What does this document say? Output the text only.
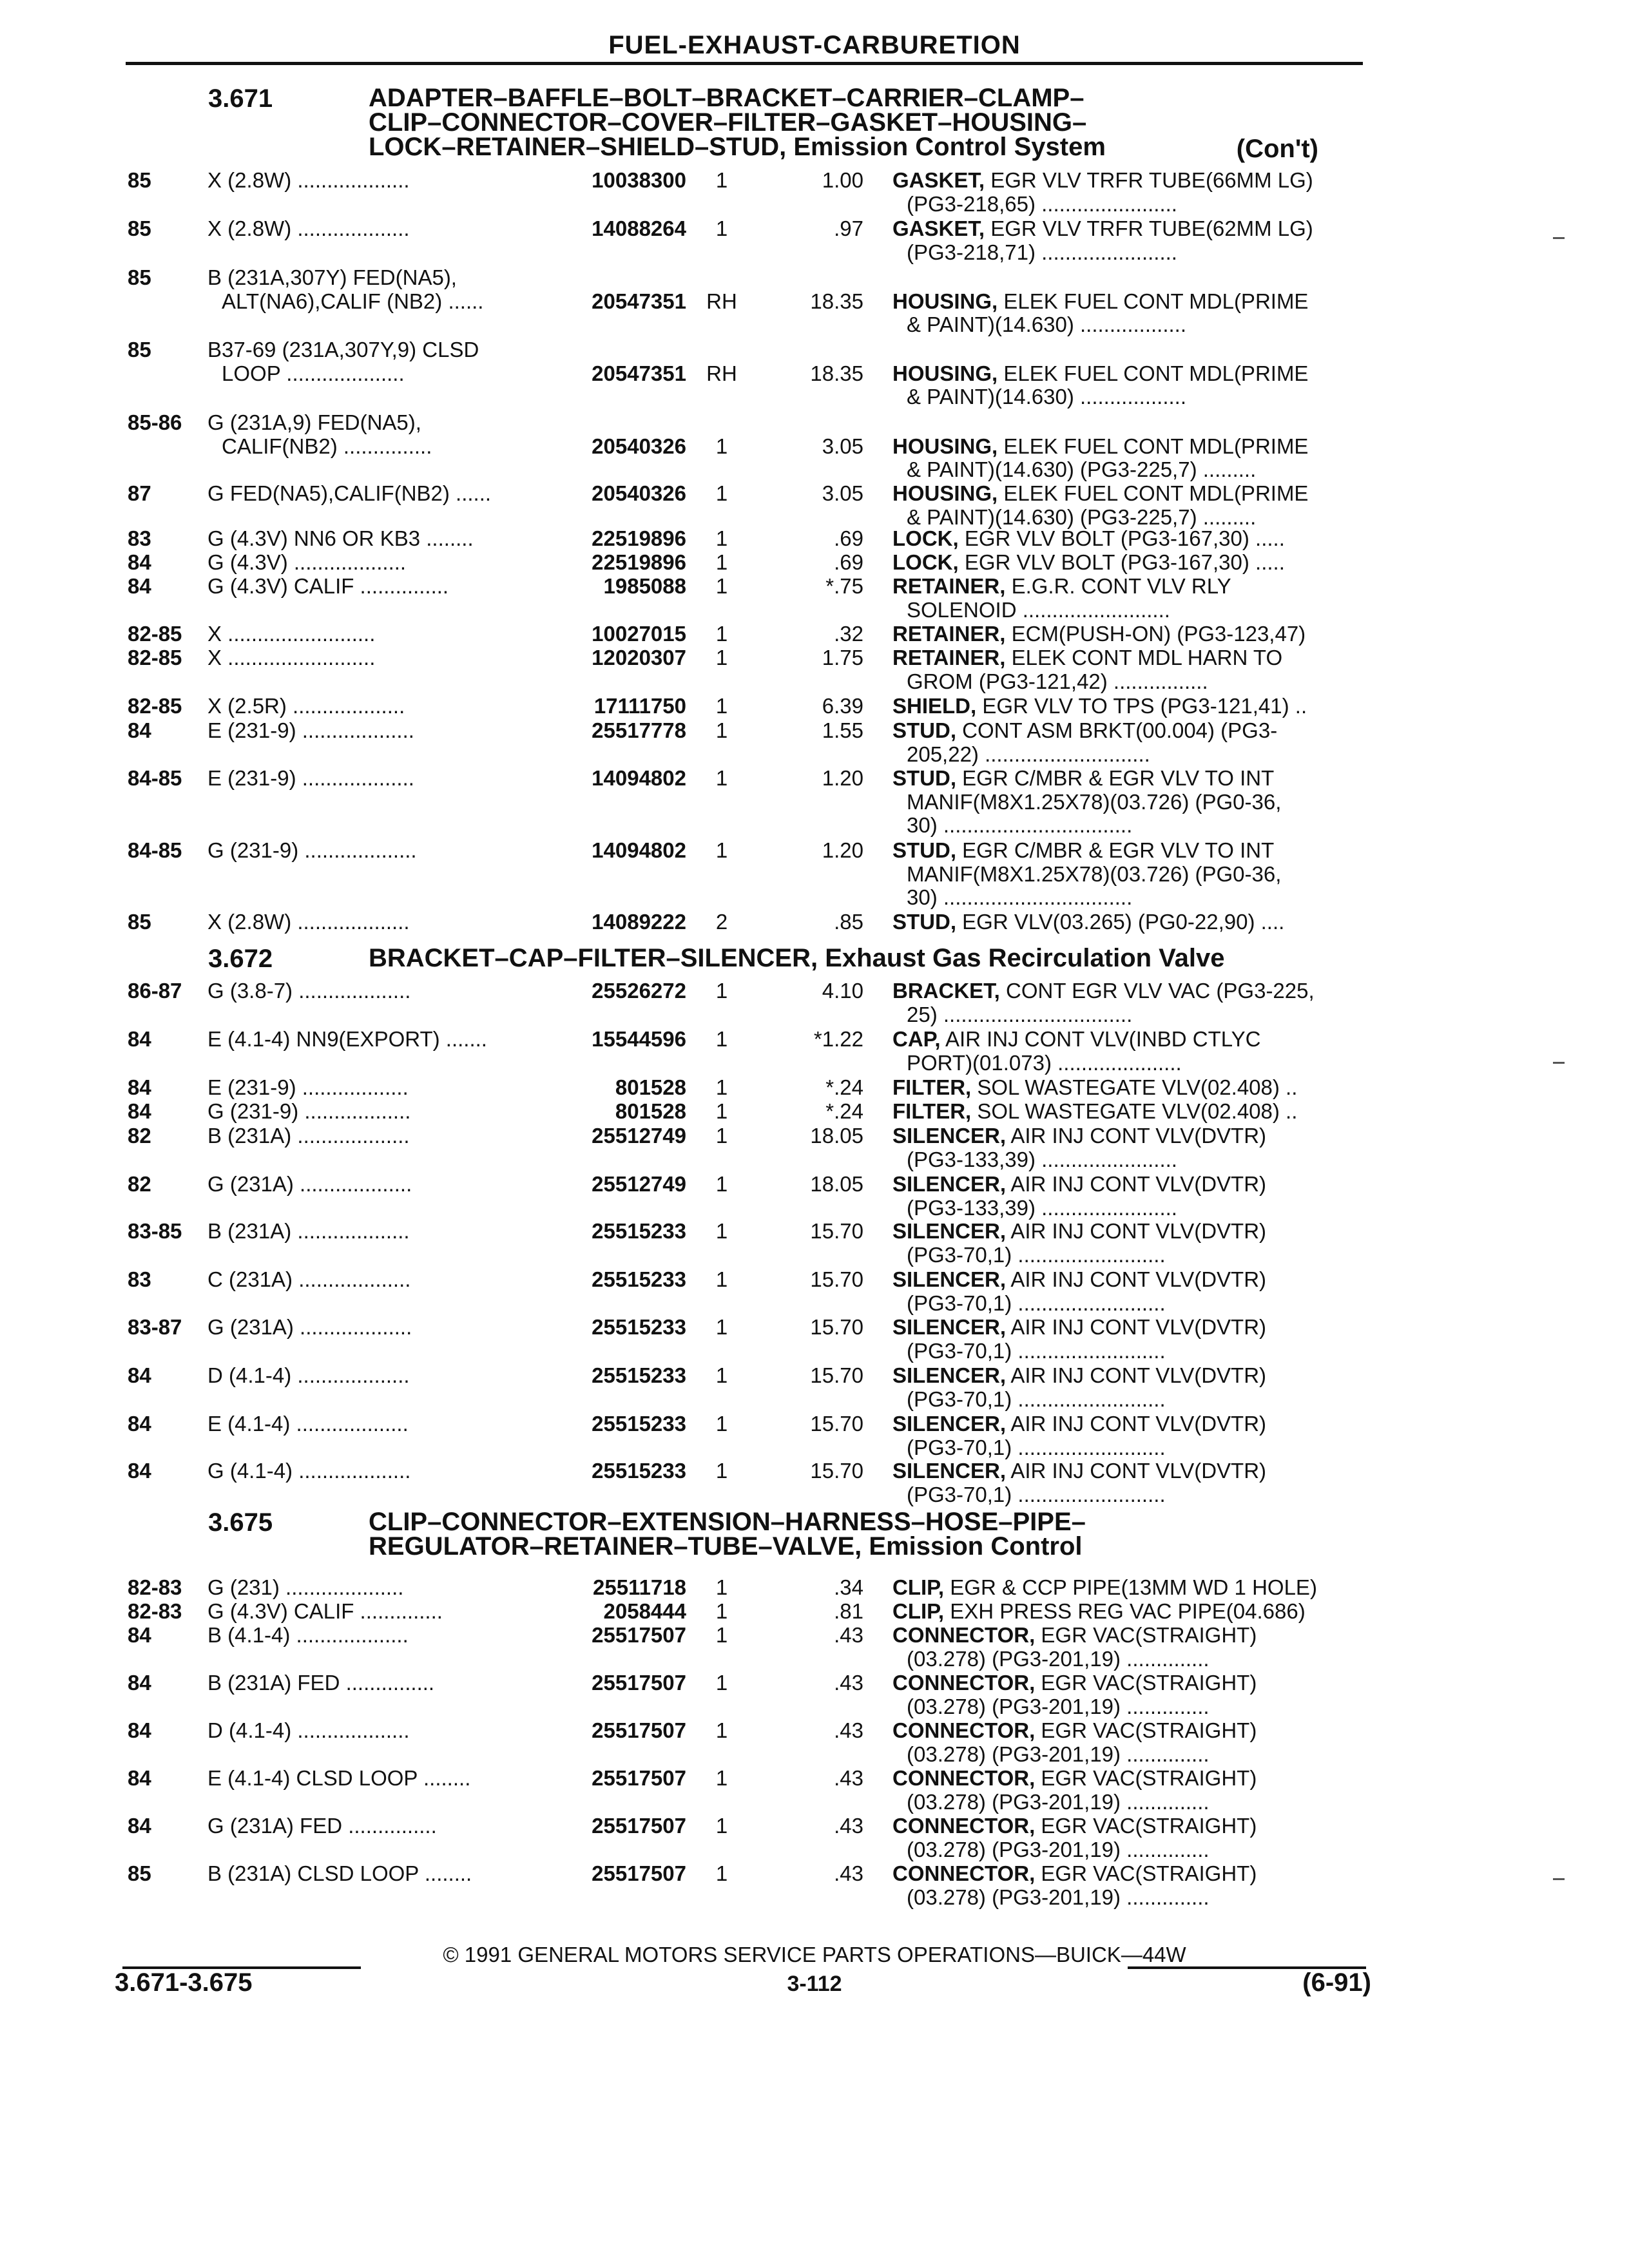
FUEL-EXHAUST-CARBURETION
3.671	ADAPTER–BAFFLE–BOLT–BRACKET–CARRIER–CLAMP–
CLIP–CONNECTOR–COVER–FILTER–GASKET–HOUSING–
LOCK–RETAINER–SHIELD–STUD, Emission Control System	(Con't)
85	X (2.8W) ...................	10038300	1	1.00 GASKET, EGR VLV TRFR TUBE(66MM LG)
(PG3-218,65) .......................
85	X (2.8W) ...................	14088264	1	.97 GASKET, EGR VLV TRFR TUBE(62MM LG)
(PG3-218,71) .......................
85	B (231A,307Y) FED(NA5),
ALT(NA6),CALIF (NB2) ......	20547351 RH	18.35 HOUSING, ELEK FUEL CONT MDL(PRIME
& PAINT)(14.630) ..................
85	B37-69 (231A,307Y,9) CLSD
LOOP ....................	20547351 RH	18.35 HOUSING, ELEK FUEL CONT MDL(PRIME
& PAINT)(14.630) ..................
85-86 G (231A,9) FED(NA5),
CALIF(NB2) ...............	20540326	1	3.05 HOUSING, ELEK FUEL CONT MDL(PRIME
& PAINT)(14.630) (PG3-225,7) .........
87	G FED(NA5),CALIF(NB2) ......	20540326	1	3.05 HOUSING, ELEK FUEL CONT MDL(PRIME
& PAINT)(14.630) (PG3-225,7) .........
83	G (4.3V) NN6 OR KB3 ........	22519896	1	.69 LOCK, EGR VLV BOLT (PG3-167,30) .....
84	G (4.3V) ...................	22519896	1	.69 LOCK, EGR VLV BOLT (PG3-167,30) .....
84	G (4.3V) CALIF ...............	1985088	1	*.75 RETAINER, E.G.R. CONT VLV RLY
SOLENOID .........................
82-85 X .........................	10027015	1	.32 RETAINER, ECM(PUSH-ON) (PG3-123,47)
82-85 X .........................	12020307	1	1.75 RETAINER, ELEK CONT MDL HARN TO
GROM (PG3-121,42) ................
82-85 X (2.5R) ...................	17111750	1	6.39 SHIELD, EGR VLV TO TPS (PG3-121,41) ..
84	E (231-9) ...................	25517778	1	1.55 STUD, CONT ASM BRKT(00.004) (PG3-
205,22) ............................
84-85 E (231-9) ...................	14094802	1	1.20 STUD, EGR C/MBR & EGR VLV TO INT
MANIF(M8X1.25X78)(03.726) (PG0-36,
30) ................................
84-85 G (231-9) ...................	14094802	1	1.20 STUD, EGR C/MBR & EGR VLV TO INT
MANIF(M8X1.25X78)(03.726) (PG0-36,
30) ................................
85	X (2.8W) ...................	14089222	2	.85 STUD, EGR VLV(03.265) (PG0-22,90) ....
3.672	BRACKET–CAP–FILTER–SILENCER, Exhaust Gas Recirculation Valve
86-87 G (3.8-7) ...................	25526272	1	4.10 BRACKET, CONT EGR VLV VAC (PG3-225,
25) ................................
84	E (4.1-4) NN9(EXPORT) .......	15544596	1	*1.22 CAP, AIR INJ CONT VLV(INBD CTLYC
PORT)(01.073) .....................
84	E (231-9) ..................	801528	1	*.24 FILTER, SOL WASTEGATE VLV(02.408) ..
84	G (231-9) ..................	801528	1	*.24 FILTER, SOL WASTEGATE VLV(02.408) ..
82	B (231A) ...................	25512749	1	18.05 SILENCER, AIR INJ CONT VLV(DVTR)
(PG3-133,39) .......................
82	G (231A) ...................	25512749	1	18.05 SILENCER, AIR INJ CONT VLV(DVTR)
(PG3-133,39) .......................
83-85 B (231A) ...................	25515233	1	15.70 SILENCER, AIR INJ CONT VLV(DVTR)
(PG3-70,1) .........................
83	C (231A) ...................	25515233	1	15.70 SILENCER, AIR INJ CONT VLV(DVTR)
(PG3-70,1) .........................
83-87 G (231A) ...................	25515233	1	15.70 SILENCER, AIR INJ CONT VLV(DVTR)
(PG3-70,1) .........................
84	D (4.1-4) ...................	25515233	1	15.70 SILENCER, AIR INJ CONT VLV(DVTR)
(PG3-70,1) .........................
84	E (4.1-4) ...................	25515233	1	15.70 SILENCER, AIR INJ CONT VLV(DVTR)
(PG3-70,1) .........................
84	G (4.1-4) ...................	25515233	1	15.70 SILENCER, AIR INJ CONT VLV(DVTR)
(PG3-70,1) .........................
3.675	CLIP–CONNECTOR–EXTENSION–HARNESS–HOSE–PIPE–
REGULATOR–RETAINER–TUBE–VALVE, Emission Control
82-83 G (231) ....................	25511718	1	.34 CLIP, EGR & CCP PIPE(13MM WD 1 HOLE)
82-83 G (4.3V) CALIF ..............	2058444	1	.81 CLIP, EXH PRESS REG VAC PIPE(04.686)
84	B (4.1-4) ...................	25517507	1	.43 CONNECTOR, EGR VAC(STRAIGHT)
(03.278) (PG3-201,19) ..............
84	B (231A) FED ...............	25517507	1	.43 CONNECTOR, EGR VAC(STRAIGHT)
(03.278) (PG3-201,19) ..............
84	D (4.1-4) ...................	25517507	1	.43 CONNECTOR, EGR VAC(STRAIGHT)
(03.278) (PG3-201,19) ..............
84	E (4.1-4) CLSD LOOP ........	25517507	1	.43 CONNECTOR, EGR VAC(STRAIGHT)
(03.278) (PG3-201,19) ..............
84	G (231A) FED ...............	25517507	1	.43 CONNECTOR, EGR VAC(STRAIGHT)
(03.278) (PG3-201,19) ..............
85	B (231A) CLSD LOOP ........	25517507	1	.43 CONNECTOR, EGR VAC(STRAIGHT)
(03.278) (PG3-201,19) ..............
© 1991 GENERAL MOTORS SERVICE PARTS OPERATIONS—BUICK—44W
3.671-3.675	3-112	(6-91)
